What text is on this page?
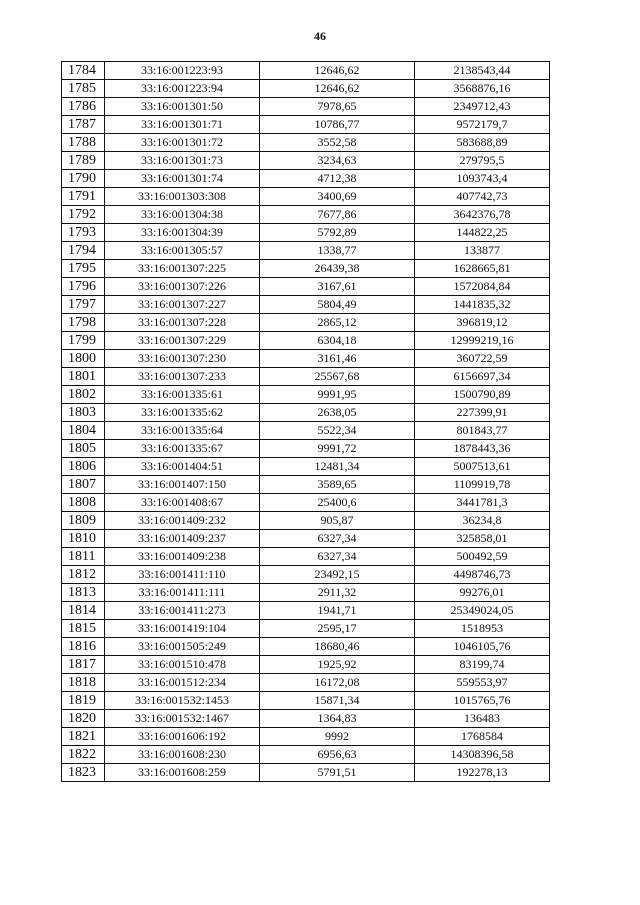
46
1784	33:16:001223:93	12646,62	2138543,44
1785	33:16:001223:94	12646,62	3568876,16
1786	33:16:001301:50	7978,65	2349712,43
1787	33:16:001301:71	10786,77	9572179,7
1788	33:16:001301:72	3552,58	583688,89
1789	33:16:001301:73	3234,63	279795,5
1790	33:16:001301:74	4712,38	1093743,4
1791	33:16:001303:308	3400,69	407742,73
1792	33:16:001304:38	7677,86	3642376,78
1793	33:16:001304:39	5792,89	144822,25
1794	33:16:001305:57	1338,77	133877
1795	33:16:001307:225	26439,38	1628665,81
1796	33:16:001307:226	3167,61	1572084,84
1797	33:16:001307:227	5804,49	1441835,32
1798	33:16:001307:228	2865,12	396819,12
1799	33:16:001307:229	6304,18	12999219,16
1800	33:16:001307:230	3161,46	360722,59
1801	33:16:001307:233	25567,68	6156697,34
1802	33:16:001335:61	9991,95	1500790,89
1803	33:16:001335:62	2638,05	227399,91
1804	33:16:001335:64	5522,34	801843,77
1805	33:16:001335:67	9991,72	1878443,36
1806	33:16:001404:51	12481,34	5007513,61
1807	33:16:001407:150	3589,65	1109919,78
1808	33:16:001408:67	25400,6	3441781,3
1809	33:16:001409:232	905,87	36234,8
1810	33:16:001409:237	6327,34	325858,01
1811	33:16:001409:238	6327,34	500492,59
1812	33:16:001411:110	23492,15	4498746,73
1813	33:16:001411:111	2911,32	99276,01
1814	33:16:001411:273	1941,71	25349024,05
1815	33:16:001419:104	2595,17	1518953
1816	33:16:001505:249	18680,46	1046105,76
1817	33:16:001510:478	1925,92	83199,74
1818	33:16:001512:234	16172,08	559553,97
1819	33:16:001532:1453	15871,34	1015765,76
1820	33:16:001532:1467	1364,83	136483
1821	33:16:001606:192	9992	1768584
1822	33:16:001608:230	6956,63	14308396,58
1823	33:16:001608:259	5791,51	192278,13
